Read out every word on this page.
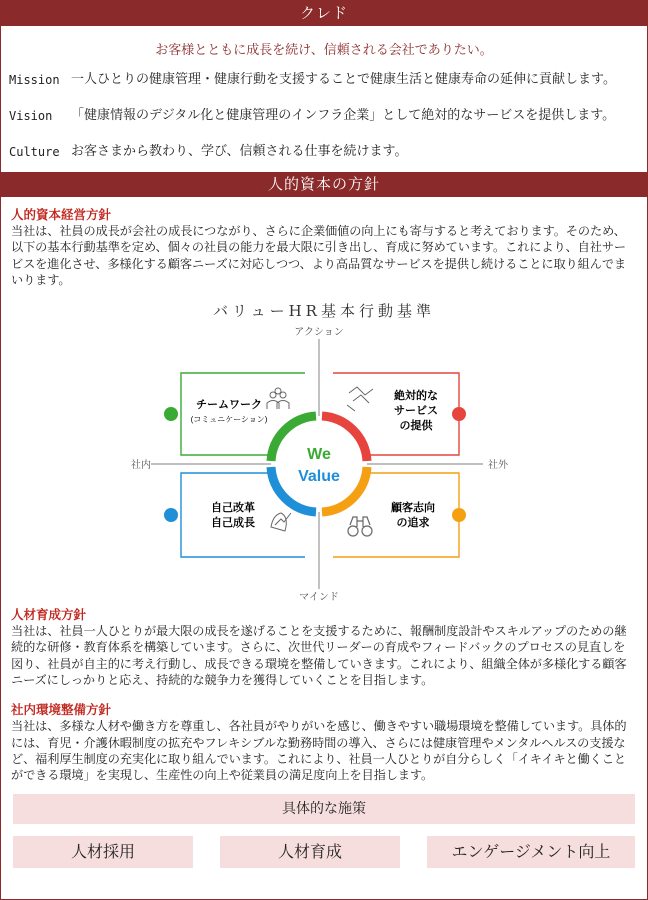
クレド
お客様とともに成長を続け、信頼される会社でありたい。
Mission 一人ひとりの健康管理・健康行動を支援することで健康生活と健康寿命の延伸に貢献します。
Vision	「健康情報のデジタル化と健康管理のインフラ企業」として絶対的なサービスを提供します。
Culture お客さまから教わり、学び、信頼される仕事を続けます。
人的資本の方針
人的資本経営方針

当社は、社員の成長が会社の成長につながり、さらに企業価値の向上にも寄与すると考えております。そのため、以下の基本行動基準を定め、個々の社員の能力を最大限に引き出し、育成に努めています。これにより、自社サービスを進化させ、多様化する顧客ニーズに対応しつつ、より高品質なサービスを提供し続けることに取り組んでまいります。

バリューHR基本行動基準
アクション
マインド
社内	社外
チームワーク
(コミュニケーション)
絶対的な
サービス
の提供
自己改革
自己成長
顧客志向
の追求
We
Value
人材育成方針

当社は、社員一人ひとりが最大限の成長を遂げることを支援するために、報酬制度設計やスキルアップのための継続的な研修・教育体系を構築しています。さらに、次世代リーダーの育成やフィードバックのプロセスの見直しを図り、社員が自主的に考え行動し、成長できる環境を整備していきます。これにより、組織全体が多様化する顧客ニーズにしっかりと応え、持続的な競争力を獲得していくことを目指します。

社内環境整備方針

当社は、多様な人材や働き方を尊重し、各社員がやりがいを感じ、働きやすい職場環境を整備しています。具体的には、育児・介護休暇制度の拡充やフレキシブルな勤務時間の導入、さらには健康管理やメンタルヘルスの支援など、福利厚生制度の充実化に取り組んでいます。これにより、社員一人ひとりが自分らしく「イキイキと働くことができる環境」を実現し、生産性の向上や従業員の満足度向上を目指します。

具体的な施策
人材採用	人材育成	エンゲージメント向上
